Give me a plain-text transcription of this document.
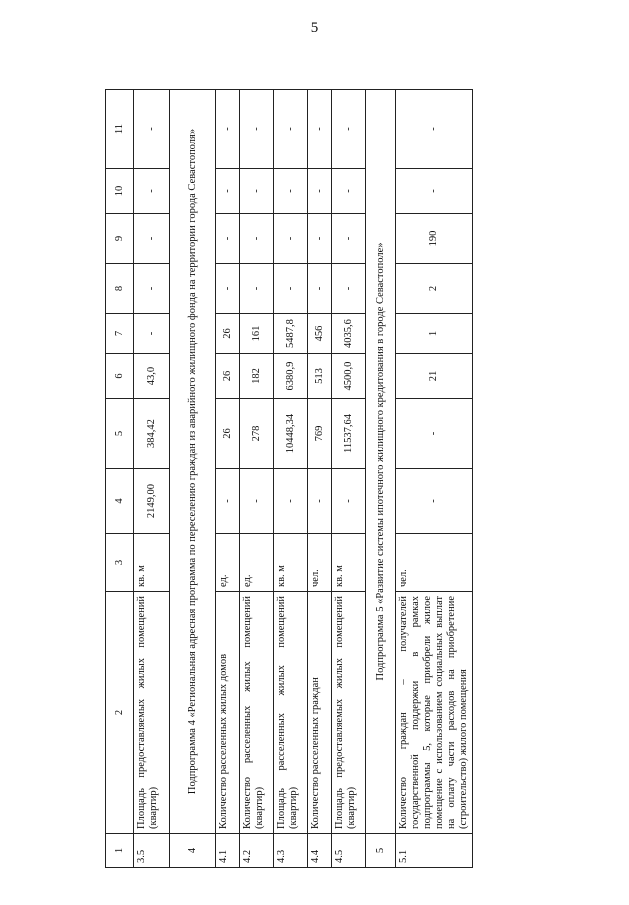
5
1	2	3	4	5	6	7	8	9	10	11
3.5	Площадь предоставляемых жилых помещений (квартир)	кв. м	2149,00	384,42	43,0	-	-	-	-	-
4	Подпрограмма 4 «Региональная адресная программа по переселению граждан из аварийного жилищного фонда на территории города Севастополя»									
4.1	Количество расселенных жилых домов	ед.	-	26	26	26	-	-	-	-
4.2	Количество расселенных жилых помещений (квартир)	ед.	-	278	182	161	-	-	-	-
4.3	Площадь расселенных жилых помещений (квартир)	кв. м	-	10448,34	6380,9	5487,8	-	-	-	-
4.4	Количество расселенных граждан	чел.	-	769	513	456	-	-	-	-
4.5	Площадь предоставляемых жилых помещений (квартир)	кв. м	-	11537,64	4500,0	4035,6	-	-	-	-
5	Подпрограмма 5 «Развитие системы ипотечного жилищного кредитования в городе Севастополе»									
5.1	Количество граждан – получателей государственной поддержки в рамках подпрограммы 5, которые приобрели жилое помещение с использованием социальных выплат на оплату части расходов на приобретение (строительство) жилого помещения	чел.	-	-	21	1	2	190	-	-
